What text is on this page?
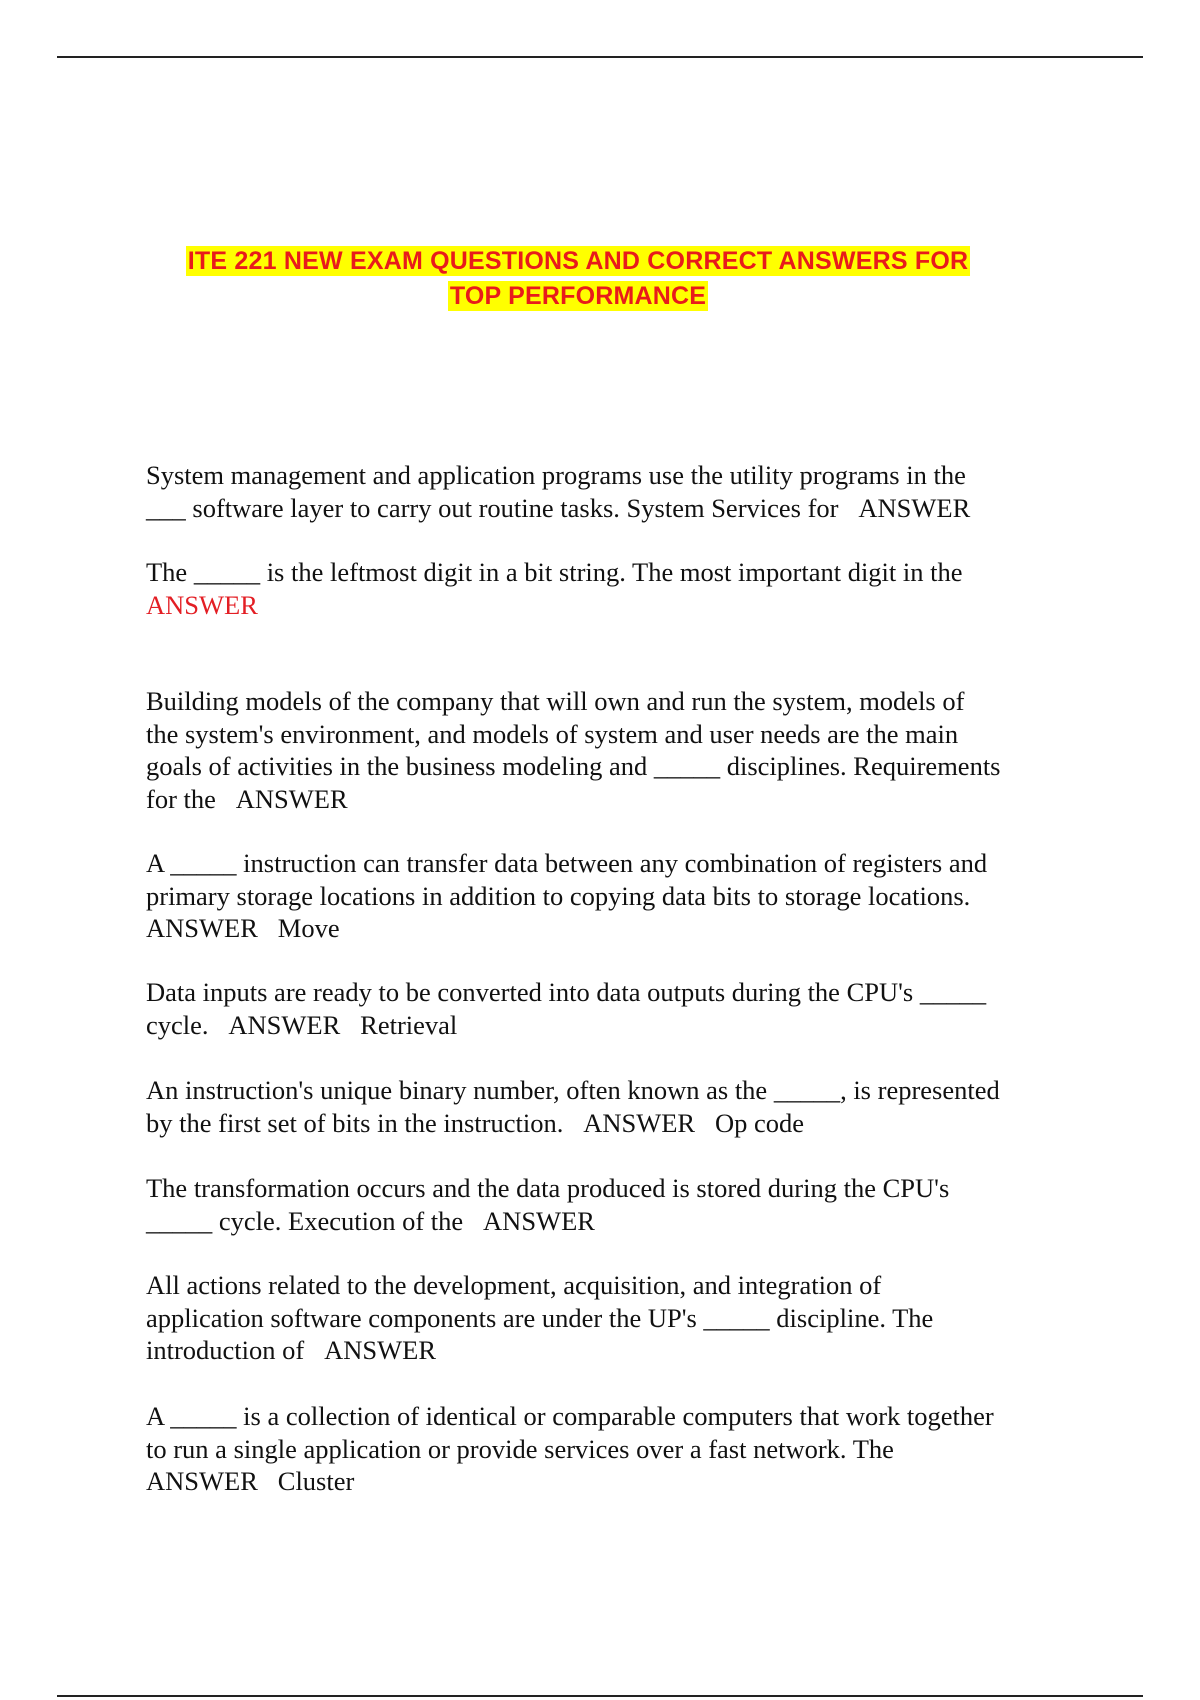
ITE 221 NEW EXAM QUESTIONS AND CORRECT ANSWERS FOR
TOP PERFORMANCE

System management and application programs use the utility programs in the
___ software layer to carry out routine tasks. System Services for ANSWER

The _____ is the leftmost digit in a bit string. The most important digit in the
ANSWER

Building models of the company that will own and run the system, models of
the system's environment, and models of system and user needs are the main
goals of activities in the business modeling and _____ disciplines. Requirements
for the ANSWER

A _____ instruction can transfer data between any combination of registers and
primary storage locations in addition to copying data bits to storage locations.
ANSWER Move

Data inputs are ready to be converted into data outputs during the CPU's _____
cycle. ANSWER Retrieval

An instruction's unique binary number, often known as the _____, is represented
by the first set of bits in the instruction. ANSWER Op code

The transformation occurs and the data produced is stored during the CPU's
_____ cycle. Execution of the ANSWER

All actions related to the development, acquisition, and integration of
application software components are under the UP's _____ discipline. The
introduction of ANSWER

A _____ is a collection of identical or comparable computers that work together
to run a single application or provide services over a fast network. The
ANSWER Cluster
